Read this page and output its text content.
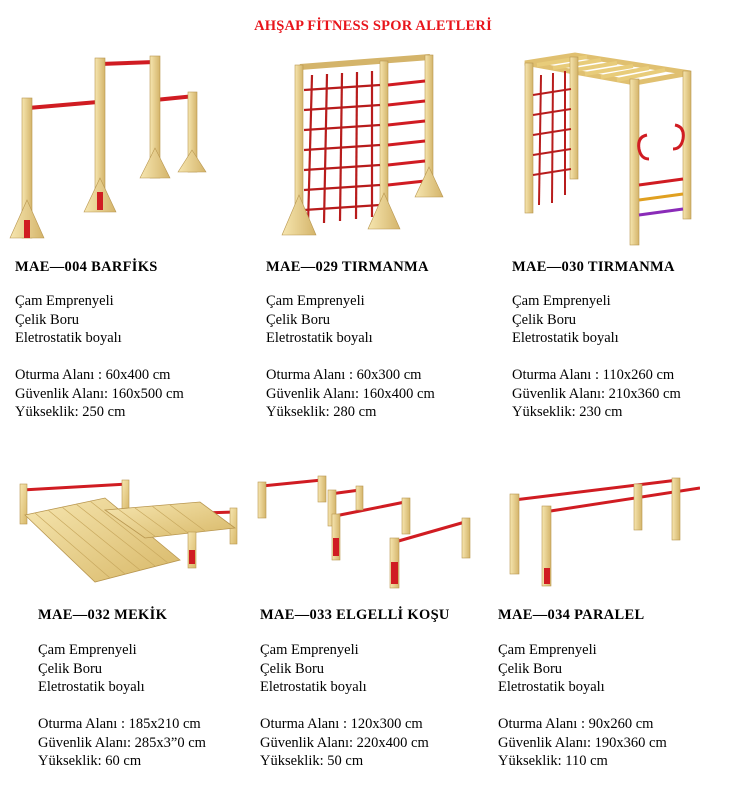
AHŞAP FİTNESS SPOR ALETLERİ
MAE—004 BARFİKS
Çam Emprenyeli
Çelik Boru
Eletrostatik boyalı
Oturma Alanı : 60x400 cm
Güvenlik Alanı: 160x500 cm
Yükseklik: 250 cm
MAE—029 TIRMANMA
Çam Emprenyeli
Çelik Boru
Eletrostatik boyalı
Oturma Alanı : 60x300 cm
Güvenlik Alanı: 160x400 cm
Yükseklik: 280 cm
MAE—030 TIRMANMA
Çam Emprenyeli
Çelik Boru
Eletrostatik boyalı
Oturma Alanı : 110x260 cm
Güvenlik Alanı: 210x360 cm
Yükseklik: 230 cm
MAE—032 MEKİK
Çam Emprenyeli
Çelik Boru
Eletrostatik boyalı
Oturma Alanı : 185x210 cm
Güvenlik Alanı: 285x3”0 cm
Yükseklik: 60 cm
MAE—033 ELGELLİ KOŞU
Çam Emprenyeli
Çelik Boru
Eletrostatik boyalı
Oturma Alanı : 120x300 cm
Güvenlik Alanı: 220x400 cm
Yükseklik: 50 cm
MAE—034 PARALEL
Çam Emprenyeli
Çelik Boru
Eletrostatik boyalı
Oturma Alanı : 90x260 cm
Güvenlik Alanı: 190x360 cm
Yükseklik: 110 cm
